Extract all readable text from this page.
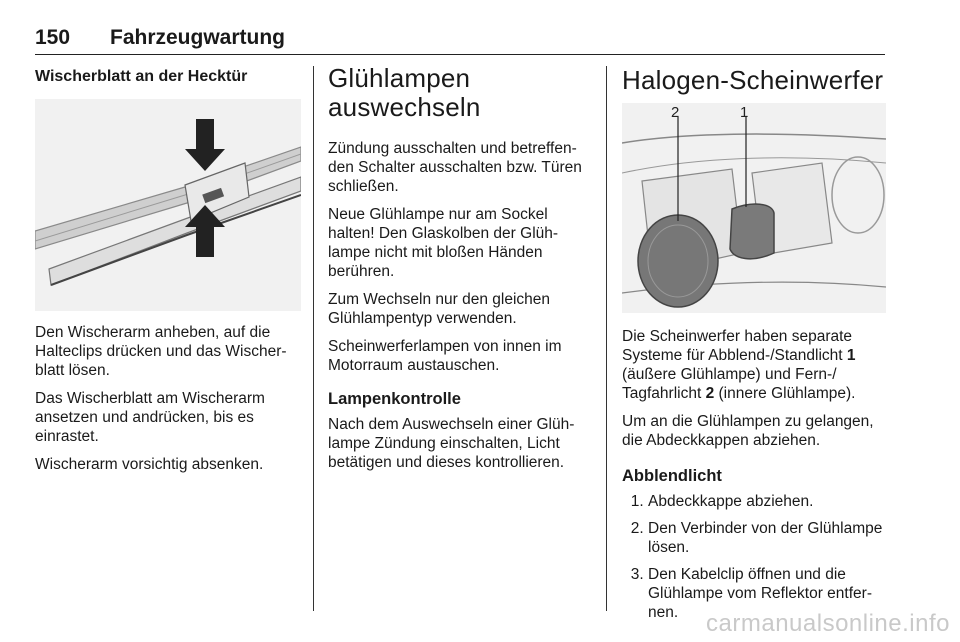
150 Fahrzeugwartung
Wischerblatt an der Hecktür

Den Wischerarm anheben, auf die Halteclips drücken und das Wischerblatt lösen.

Das Wischerblatt am Wischerarm ansetzen und andrücken, bis es einrastet.

Wischerarm vorsichtig absenken.

Glühlampen auswechseln

Zündung ausschalten und betreffenden Schalter ausschalten bzw. Türen schließen.

Neue Glühlampe nur am Sockel halten! Den Glaskolben der Glühlampe nicht mit bloßen Händen berühren.

Zum Wechseln nur den gleichen Glühlampentyp verwenden.

Scheinwerferlampen von innen im Motorraum austauschen.

Lampenkontrolle

Nach dem Auswechseln einer Glühlampe Zündung einschalten, Licht betätigen und dieses kontrollieren.

Halogen-Scheinwerfer
2	1

Die Scheinwerfer haben separate Systeme für Abblend-/Standlicht 1 (äußere Glühlampe) und Fern-/ Tagfahrlicht 2 (innere Glühlampe).

Um an die Glühlampen zu gelangen, die Abdeckkappen abziehen.

Abblendlicht
1. Abdeckkappe abziehen.
2. Den Verbinder von der Glühlampe lösen.
3. Den Kabelclip öffnen und die Glühlampe vom Reflektor entfernen.	carmanualsonline.info
